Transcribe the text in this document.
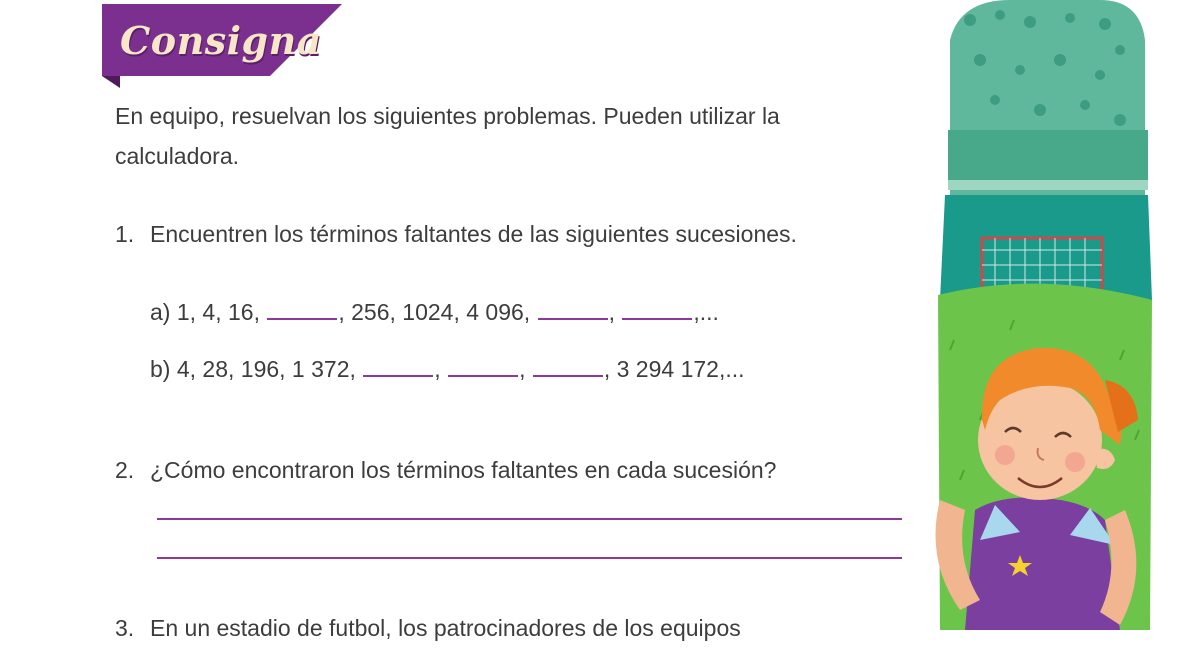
Consigna
En equipo, resuelvan los siguientes problemas. Pueden utilizar la calculadora.
1. Encuentren los términos faltantes de las siguientes sucesiones.
a) 1, 4, 16,	, 256, 1024, 4 096,	,	,...
b) 4, 28, 196, 1 372,	,	,	, 3 294 172,...
2. ¿Cómo encontraron los términos faltantes en cada sucesión?
3. En un estadio de futbol, los patrocinadores de los equipos
